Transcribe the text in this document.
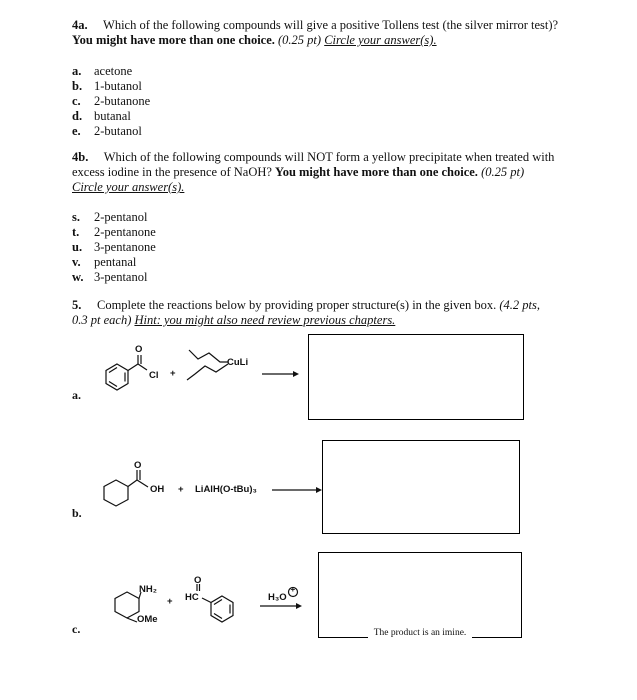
4a. Which of the following compounds will give a positive Tollens test (the silver mirror test)?
You might have more than one choice. (0.25 pt) Circle your answer(s).
a. acetone
b. 1-butanol
c. 2-butanone
d. butanal
e. 2-butanol
4b. Which of the following compounds will NOT form a yellow precipitate when treated with
excess iodine in the presence of NaOH? You might have more than one choice. (0.25 pt)
Circle your answer(s).
s. 2-pentanol
t. 2-pentanone
u. 3-pentanone
v. pentanal
w. 3-pentanol
5. Complete the reactions below by providing proper structure(s) in the given box. (4.2 pts,
0.3 pt each) Hint: you might also need review previous chapters.
O
Cl +
CuLi
a.
O
OH + LiAlH(O-tBu)₃
b.
NH₂
OMe
+
O
HC	H₃O
+
c.	The product is an imine.
